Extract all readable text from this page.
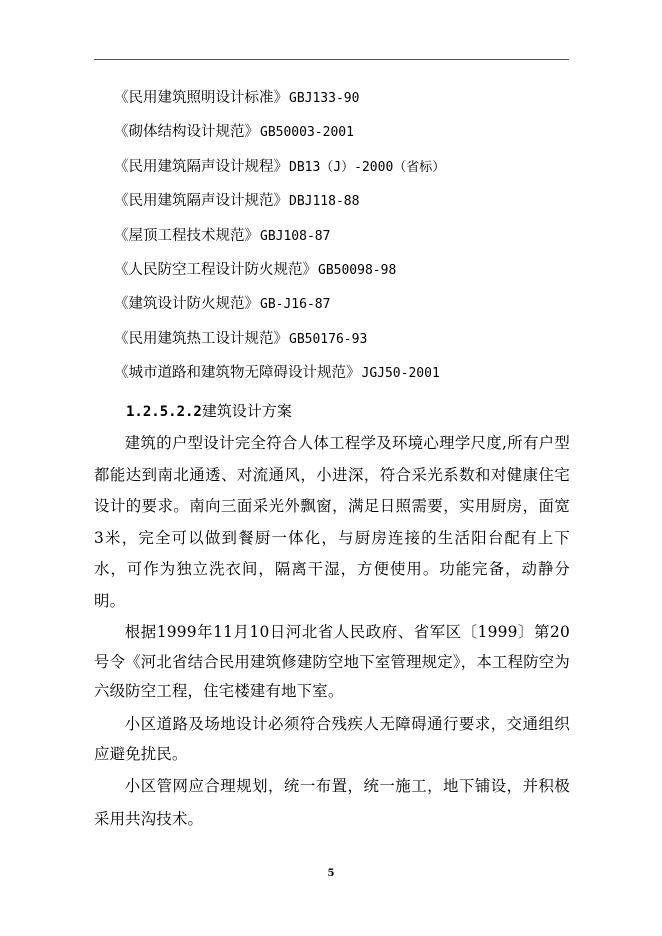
《民用建筑照明设计标准》GBJ133-90
《砌体结构设计规范》GB50003-2001
《民用建筑隔声设计规程》DB13（J）-2000（省标）
《民用建筑隔声设计规范》DBJ118-88
《屋顶工程技术规范》GBJ108-87
《人民防空工程设计防火规范》GB50098-98
《建筑设计防火规范》GB-J16-87
《民用建筑热工设计规范》GB50176-93
《城市道路和建筑物无障碍设计规范》JGJ50-2001
1.2.5.2.2建筑设计方案

建筑的户型设计完全符合人体工程学及环境心理学尺度,所有户型都能达到南北通透、对流通风，小进深，符合采光系数和对健康住宅设计的要求。南向三面采光外飘窗，满足日照需要，实用厨房，面宽3米，完全可以做到餐厨一体化，与厨房连接的生活阳台配有上下水，可作为独立洗衣间，隔离干湿，方便使用。功能完备，动静分明。

根据1999年11月10日河北省人民政府、省军区〔1999〕第20号令《河北省结合民用建筑修建防空地下室管理规定》，本工程防空为六级防空工程，住宅楼建有地下室。

小区道路及场地设计必须符合残疾人无障碍通行要求，交通组织应避免扰民。

小区管网应合理规划，统一布置，统一施工，地下铺设，并积极采用共沟技术。

5
